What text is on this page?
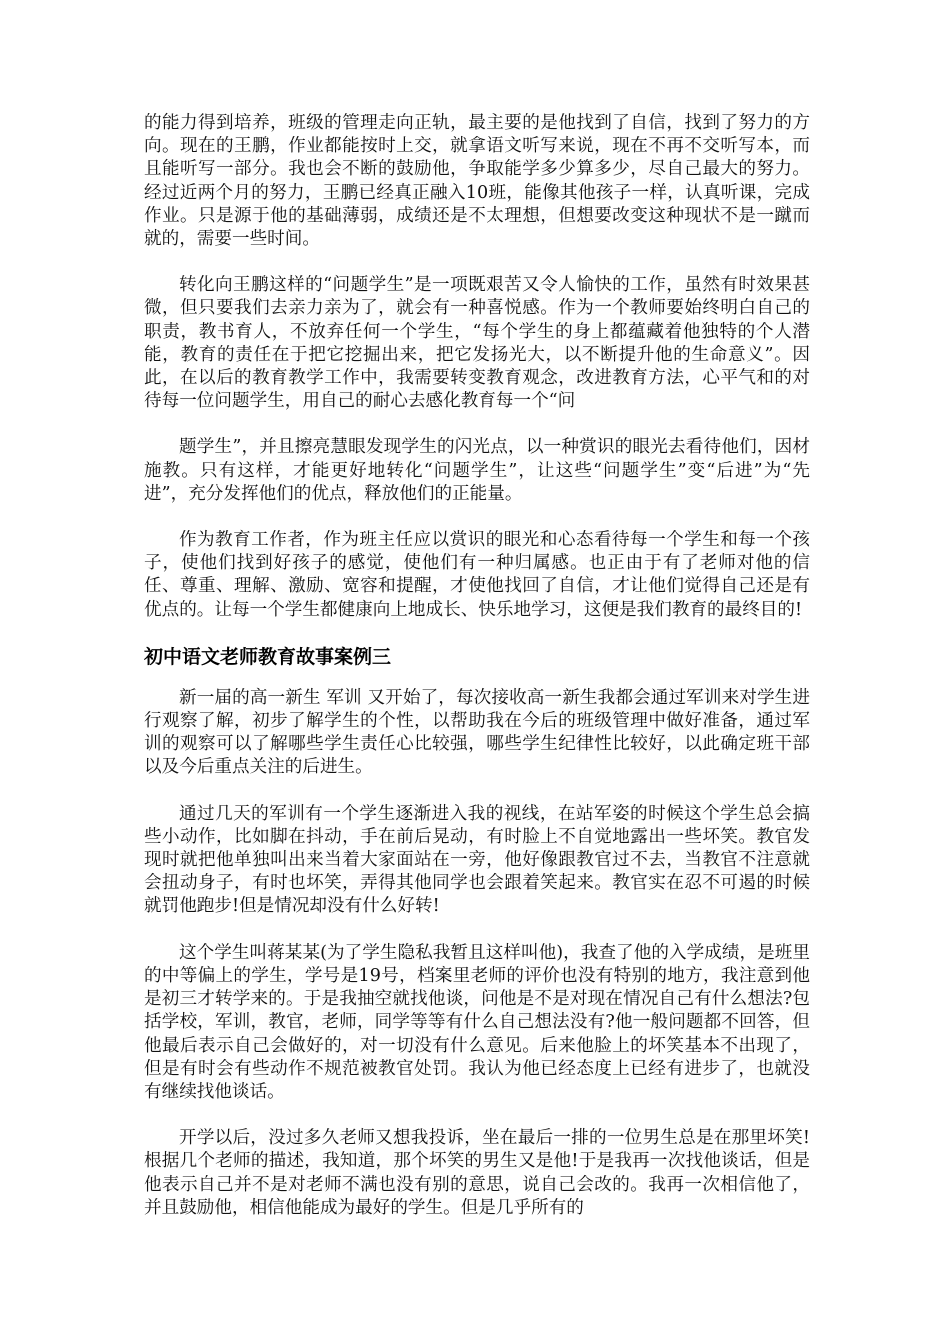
的能力得到培养，班级的管理走向正轨，最主要的是他找到了自信，找到了努力的方向。现在的王鹏，作业都能按时上交，就拿语文听写来说，现在不再不交听写本，而且能听写一部分。我也会不断的鼓励他，争取能学多少算多少，尽自己最大的努力。经过近两个月的努力，王鹏已经真正融入10班，能像其他孩子一样，认真听课，完成作业。只是源于他的基础薄弱，成绩还是不太理想，但想要改变这种现状不是一蹴而就的，需要一些时间。

转化向王鹏这样的“问题学生”是一项既艰苦又令人愉快的工作，虽然有时效果甚微，但只要我们去亲力亲为了，就会有一种喜悦感。作为一个教师要始终明白自己的职责，教书育人，不放弃任何一个学生，“每个学生的身上都蕴藏着他独特的个人潜能，教育的责任在于把它挖掘出来，把它发扬光大，以不断提升他的生命意义”。因此，在以后的教育教学工作中，我需要转变教育观念，改进教育方法，心平气和的对待每一位问题学生，用自己的耐心去感化教育每一个“问

题学生”，并且擦亮慧眼发现学生的闪光点，以一种赏识的眼光去看待他们，因材施教。只有这样，才能更好地转化“问题学生”，让这些“问题学生”变“后进”为“先进”，充分发挥他们的优点，释放他们的正能量。

作为教育工作者，作为班主任应以赏识的眼光和心态看待每一个学生和每一个孩子，使他们找到好孩子的感觉，使他们有一种归属感。也正由于有了老师对他的信任、尊重、理解、激励、宽容和提醒，才使他找回了自信，才让他们觉得自己还是有优点的。让每一个学生都健康向上地成长、快乐地学习，这便是我们教育的最终目的!

初中语文老师教育故事案例三

新一届的高一新生 军训 又开始了，每次接收高一新生我都会通过军训来对学生进行观察了解，初步了解学生的个性，以帮助我在今后的班级管理中做好准备，通过军训的观察可以了解哪些学生责任心比较强，哪些学生纪律性比较好，以此确定班干部以及今后重点关注的后进生。

通过几天的军训有一个学生逐渐进入我的视线，在站军姿的时候这个学生总会搞些小动作，比如脚在抖动，手在前后晃动，有时脸上不自觉地露出一些坏笑。教官发现时就把他单独叫出来当着大家面站在一旁，他好像跟教官过不去，当教官不注意就会扭动身子，有时也坏笑，弄得其他同学也会跟着笑起来。教官实在忍不可遏的时候就罚他跑步!但是情况却没有什么好转!

这个学生叫蒋某某(为了学生隐私我暂且这样叫他)，我查了他的入学成绩，是班里的中等偏上的学生，学号是19号，档案里老师的评价也没有特别的地方，我注意到他是初三才转学来的。于是我抽空就找他谈，问他是不是对现在情况自己有什么想法?包括学校，军训，教官，老师，同学等等有什么自己想法没有?他一般问题都不回答，但他最后表示自己会做好的，对一切没有什么意见。后来他脸上的坏笑基本不出现了，但是有时会有些动作不规范被教官处罚。我认为他已经态度上已经有进步了，也就没有继续找他谈话。

开学以后，没过多久老师又想我投诉，坐在最后一排的一位男生总是在那里坏笑!根据几个老师的描述，我知道，那个坏笑的男生又是他!于是我再一次找他谈话，但是他表示自己并不是对老师不满也没有别的意思，说自己会改的。我再一次相信他了，并且鼓励他，相信他能成为最好的学生。但是几乎所有的
